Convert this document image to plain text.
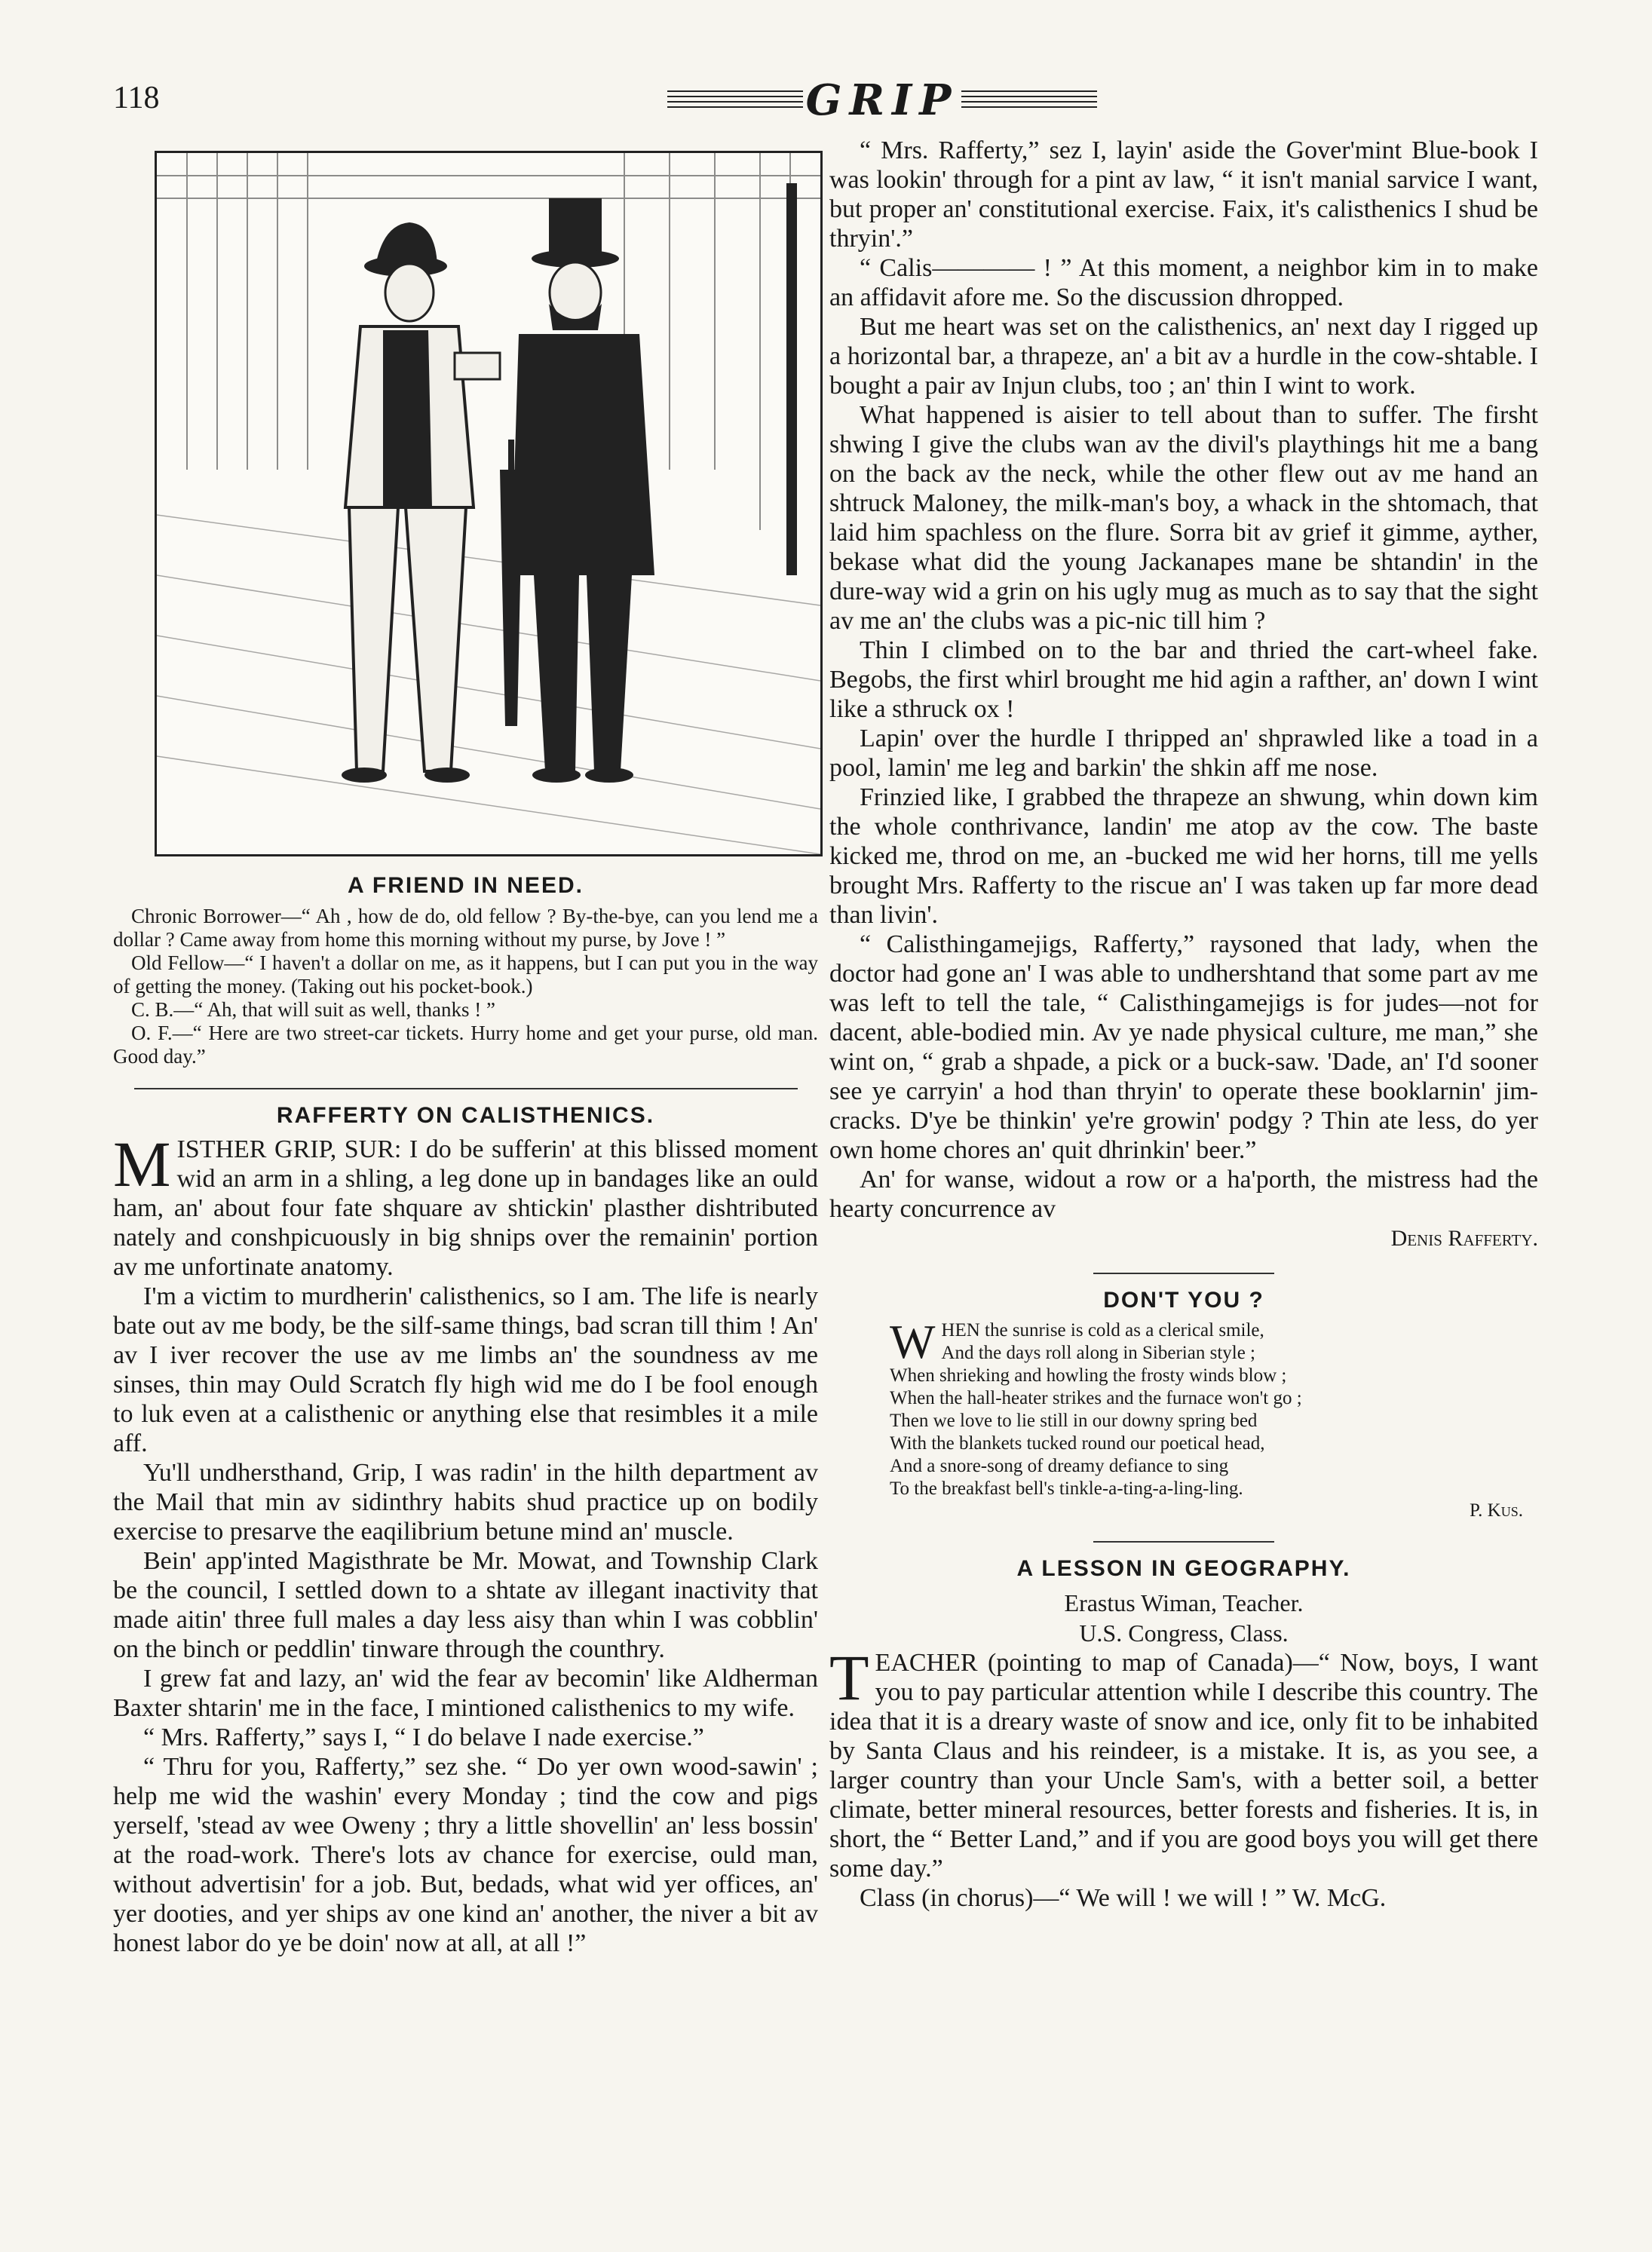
118	GRIP
A FRIEND IN NEED.

Chronic Borrower—“ Ah , how de do, old fellow ? By-the-bye, can you lend me a dollar ? Came away from home this morning without my purse, by Jove ! ”

Old Fellow—“ I haven't a dollar on me, as it happens, but I can put you in the way of getting the money. (Taking out his pocket-book.)

C. B.—“ Ah, that will suit as well, thanks ! ”

O. F.—“ Here are two street-car tickets. Hurry home and get your purse, old man. Good day.”

RAFFERTY ON CALISTHENICS.

MISTHER GRIP, SUR: I do be sufferin' at this blissed moment wid an arm in a shling, a leg done up in bandages like an ould ham, an' about four fate shquare av shtickin' plasther dishtributed nately and conshpicuously in big shnips over the remainin' portion av me unfortinate anatomy.

I'm a victim to murdherin' calisthenics, so I am. The life is nearly bate out av me body, be the silf-same things, bad scran till thim ! An' av I iver recover the use av me limbs an' the soundness av me sinses, thin may Ould Scratch fly high wid me do I be fool enough to luk even at a calisthenic or anything else that resimbles it a mile aff.

Yu'll undhersthand, Grip, I was radin' in the hilth department av the Mail that min av sidinthry habits shud practice up on bodily exercise to presarve the eaqilibrium betune mind an' muscle.

Bein' app'inted Magisthrate be Mr. Mowat, and Township Clark be the council, I settled down to a shtate av illegant inactivity that made aitin' three full males a day less aisy than whin I was cobblin' on the binch or peddlin' tinware through the counthry.

I grew fat and lazy, an' wid the fear av becomin' like Aldherman Baxter shtarin' me in the face, I mintioned calisthenics to my wife.

“ Mrs. Rafferty,” says I, “ I do belave I nade exercise.”

“ Thru for you, Rafferty,” sez she. “ Do yer own wood-sawin' ; help me wid the washin' every Monday ; tind the cow and pigs yerself, 'stead av wee Oweny ; thry a little shovellin' an' less bossin' at the road-work. There's lots av chance for exercise, ould man, without advertisin' for a job. But, bedads, what wid yer offices, an' yer dooties, and yer ships av one kind an' another, the niver a bit av honest labor do ye be doin' now at all, at all !”

“ Mrs. Rafferty,” sez I, layin' aside the Gover'mint Blue-book I was lookin' through for a pint av law, “ it isn't manial sarvice I want, but proper an' constitutional exercise. Faix, it's calisthenics I shud be thryin'.”

“ Calis———— ! ” At this moment, a neighbor kim in to make an affidavit afore me. So the discussion dhropped.

But me heart was set on the calisthenics, an' next day I rigged up a horizontal bar, a thrapeze, an' a bit av a hurdle in the cow-shtable. I bought a pair av Injun clubs, too ; an' thin I wint to work.

What happened is aisier to tell about than to suffer. The firsht shwing I give the clubs wan av the divil's playthings hit me a bang on the back av the neck, while the other flew out av me hand an shtruck Maloney, the milk-man's boy, a whack in the shtomach, that laid him spachless on the flure. Sorra bit av grief it gimme, ayther, bekase what did the young Jackanapes mane be shtandin' in the dure-way wid a grin on his ugly mug as much as to say that the sight av me an' the clubs was a pic-nic till him ?

Thin I climbed on to the bar and thried the cart-wheel fake. Begobs, the first whirl brought me hid agin a rafther, an' down I wint like a sthruck ox !

Lapin' over the hurdle I thripped an' shprawled like a toad in a pool, lamin' me leg and barkin' the shkin aff me nose.

Frinzied like, I grabbed the thrapeze an shwung, whin down kim the whole conthrivance, landin' me atop av the cow. The baste kicked me, throd on me, an -bucked me wid her horns, till me yells brought Mrs. Rafferty to the riscue an' I was taken up far more dead than livin'.

“ Calisthingamejigs, Rafferty,” raysoned that lady, when the doctor had gone an' I was able to undhershtand that some part av me was left to tell the tale, “ Calisthingamejigs is for judes—not for dacent, able-bodied min. Av ye nade physical culture, me man,” she wint on, “ grab a shpade, a pick or a buck-saw. 'Dade, an' I'd sooner see ye carryin' a hod than thryin' to operate these booklarnin' jim-cracks. D'ye be thinkin' ye're growin' podgy ? Thin ate less, do yer own home chores an' quit dhrinkin' beer.”

An' for wanse, widout a row or a ha'porth, the mistress had the hearty concurrence av

Denis Rafferty.
DON'T YOU ?
W HEN the sunrise is cold as a clerical smile,
And the days roll along in Siberian style ;
When shrieking and howling the frosty winds blow ;
When the hall-heater strikes and the furnace won't go ;
Then we love to lie still in our downy spring bed
With the blankets tucked round our poetical head,
And a snore-song of dreamy defiance to sing
To the breakfast bell's tinkle-a-ting-a-ling-ling.
P. Kus.
A LESSON IN GEOGRAPHY.
Erastus Wiman, Teacher.
U.S. Congress, Class.

TEACHER (pointing to map of Canada)—“ Now, boys, I want you to pay particular attention while I describe this country. The idea that it is a dreary waste of snow and ice, only fit to be inhabited by Santa Claus and his reindeer, is a mistake. It is, as you see, a larger country than your Uncle Sam's, with a better soil, a better climate, better mineral resources, better forests and fisheries. It is, in short, the “ Better Land,” and if you are good boys you will get there some day.”

Class (in chorus)—“ We will ! we will ! ” W. McG.
